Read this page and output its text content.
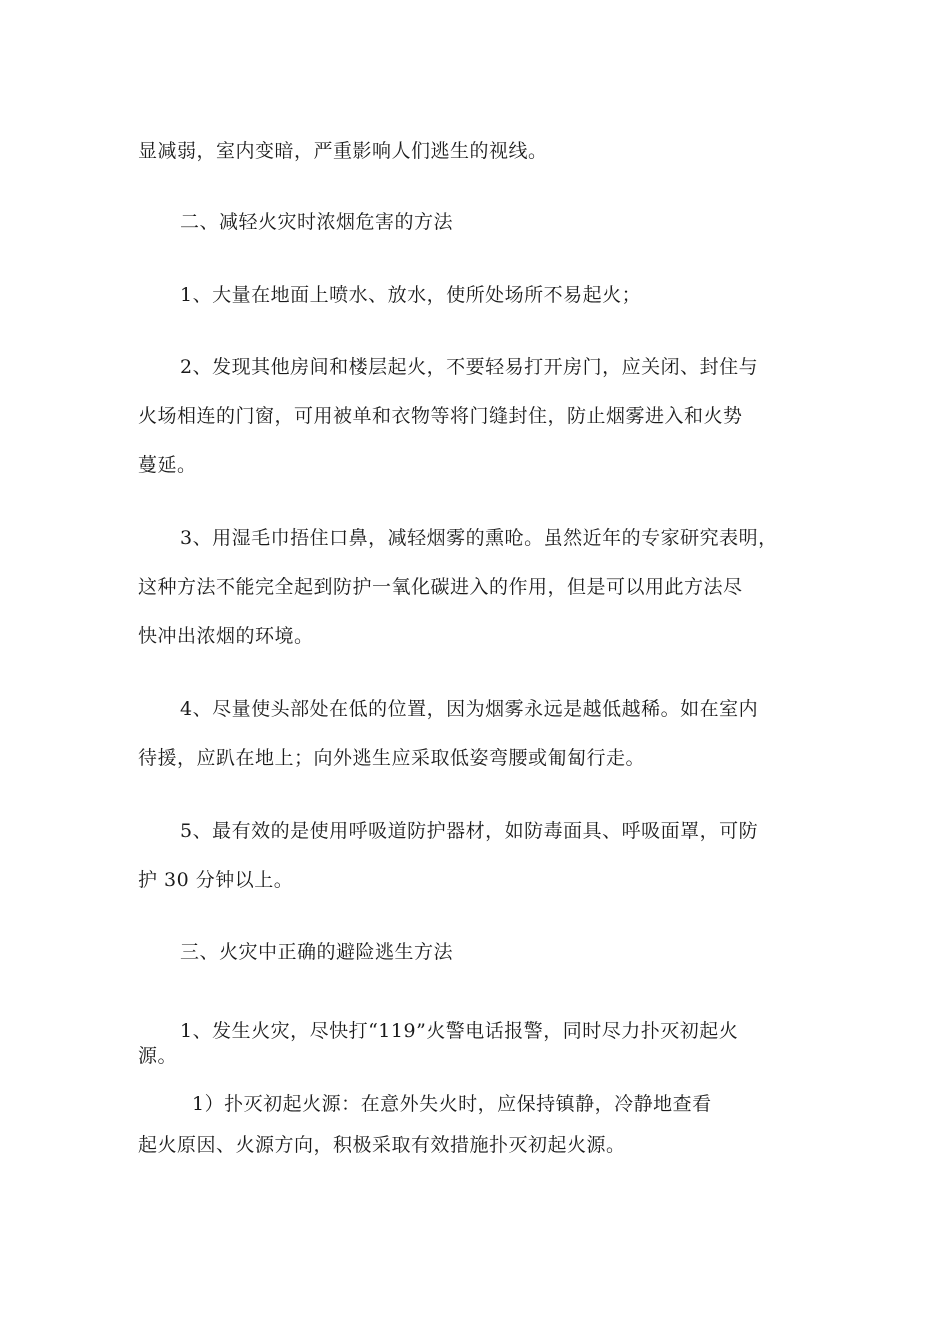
显减弱，室内变暗，严重影响人们逃生的视线。
二、减轻火灾时浓烟危害的方法
1、大量在地面上喷水、放水，使所处场所不易起火；
2、发现其他房间和楼层起火，不要轻易打开房门，应关闭、封住与
火场相连的门窗，可用被单和衣物等将门缝封住，防止烟雾进入和火势
蔓延。
3、用湿毛巾捂住口鼻，减轻烟雾的熏呛。虽然近年的专家研究表明，
这种方法不能完全起到防护一氧化碳进入的作用，但是可以用此方法尽
快冲出浓烟的环境。
4、尽量使头部处在低的位置，因为烟雾永远是越低越稀。如在室内
待援，应趴在地上；向外逃生应采取低姿弯腰或匍匐行走。
5、最有效的是使用呼吸道防护器材，如防毒面具、呼吸面罩，可防
护 30 分钟以上。
三、火灾中正确的避险逃生方法
1、发生火灾，尽快打“119”火警电话报警，同时尽力扑灭初起火
源。
1）扑灭初起火源：在意外失火时，应保持镇静，冷静地查看
起火原因、火源方向，积极采取有效措施扑灭初起火源。
